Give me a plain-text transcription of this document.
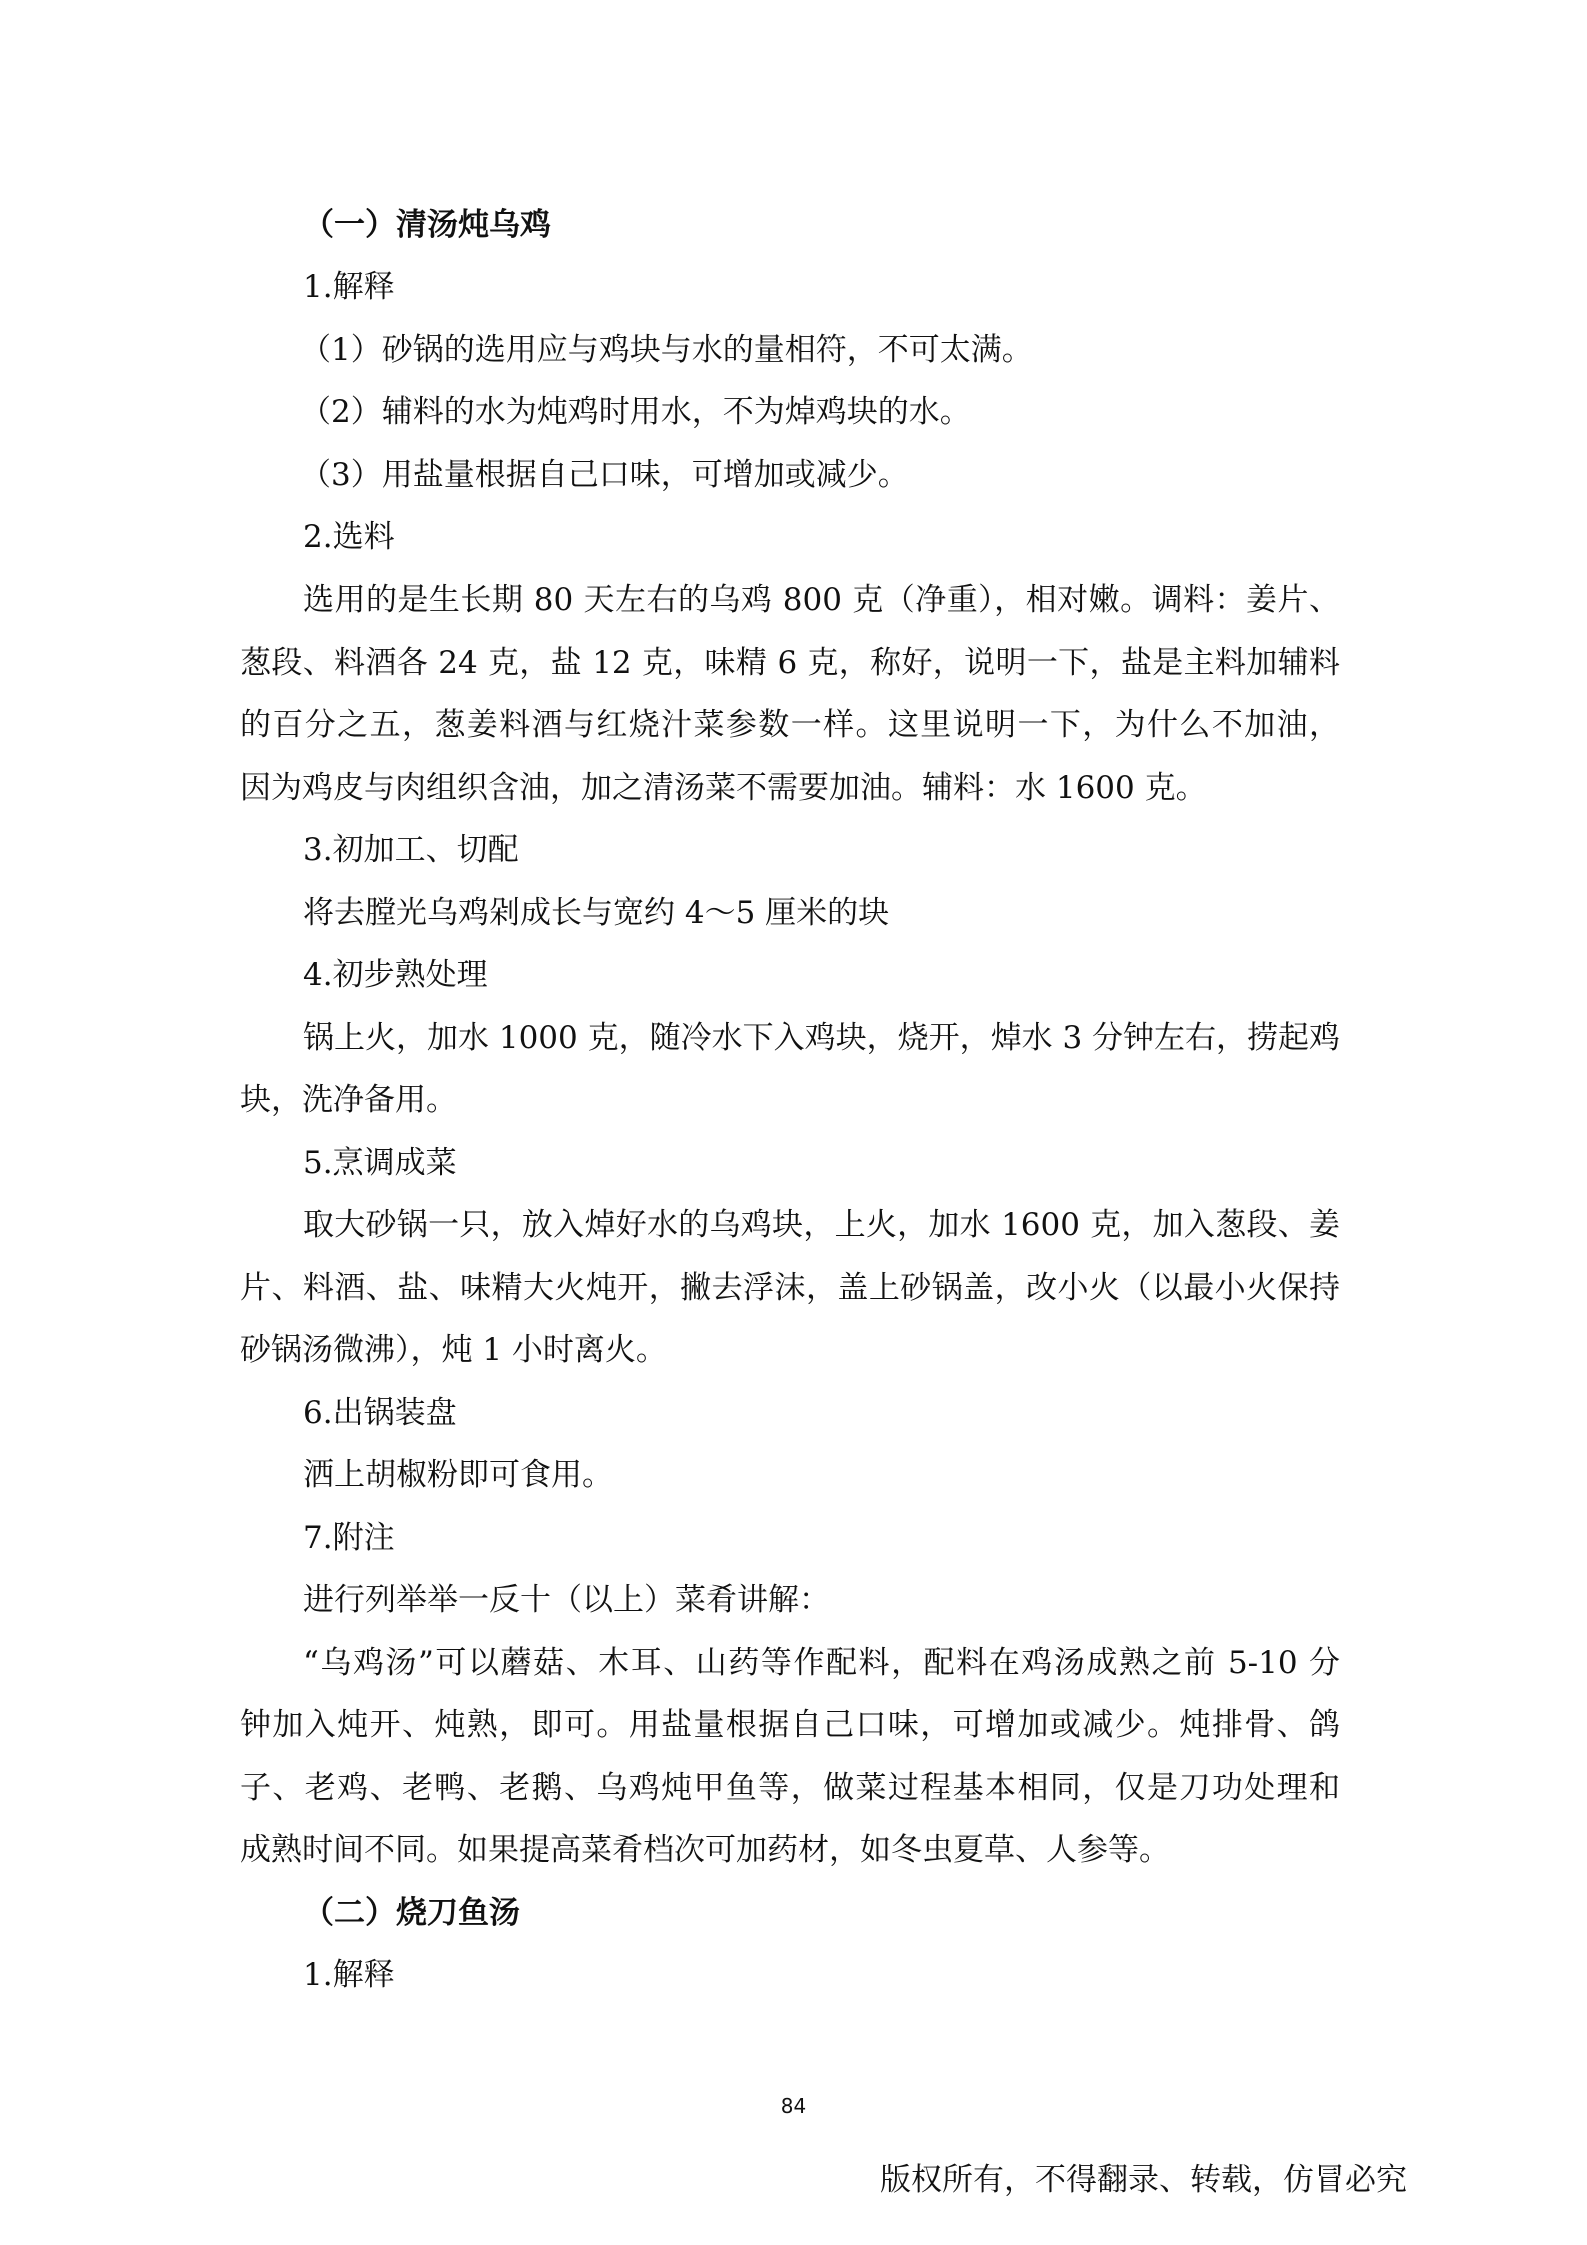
（一）清汤炖乌鸡
1.解释
（1）砂锅的选用应与鸡块与水的量相符，不可太满。
（2）辅料的水为炖鸡时用水，不为焯鸡块的水。
（3）用盐量根据自己口味，可增加或减少。
2.选料
选用的是生长期 80 天左右的乌鸡 800 克（净重），相对嫩。调料：姜片、
葱段、料酒各 24 克，盐 12 克，味精 6 克，称好，说明一下，盐是主料加辅料
的百分之五，葱姜料酒与红烧汁菜参数一样。这里说明一下，为什么不加油，
因为鸡皮与肉组织含油，加之清汤菜不需要加油。辅料：水 1600 克。
3.初加工、切配
将去膛光乌鸡剁成长与宽约 4～5 厘米的块
4.初步熟处理
锅上火，加水 1000 克，随冷水下入鸡块，烧开，焯水 3 分钟左右，捞起鸡
块，洗净备用。
5.烹调成菜
取大砂锅一只，放入焯好水的乌鸡块，上火，加水 1600 克，加入葱段、姜
片、料酒、盐、味精大火炖开，撇去浮沫，盖上砂锅盖，改小火（以最小火保持
砂锅汤微沸），炖 1 小时离火。
6.出锅装盘
洒上胡椒粉即可食用。
7.附注
进行列举举一反十（以上）菜肴讲解：
“乌鸡汤”可以蘑菇、木耳、山药等作配料，配料在鸡汤成熟之前 5-10 分
钟加入炖开、炖熟，即可。用盐量根据自己口味，可增加或减少。炖排骨、鸽
子、老鸡、老鸭、老鹅、乌鸡炖甲鱼等，做菜过程基本相同，仅是刀功处理和
成熟时间不同。如果提高菜肴档次可加药材，如冬虫夏草、人参等。
（二）烧刀鱼汤
1.解释
84
版权所有，不得翻录、转载，仿冒必究
